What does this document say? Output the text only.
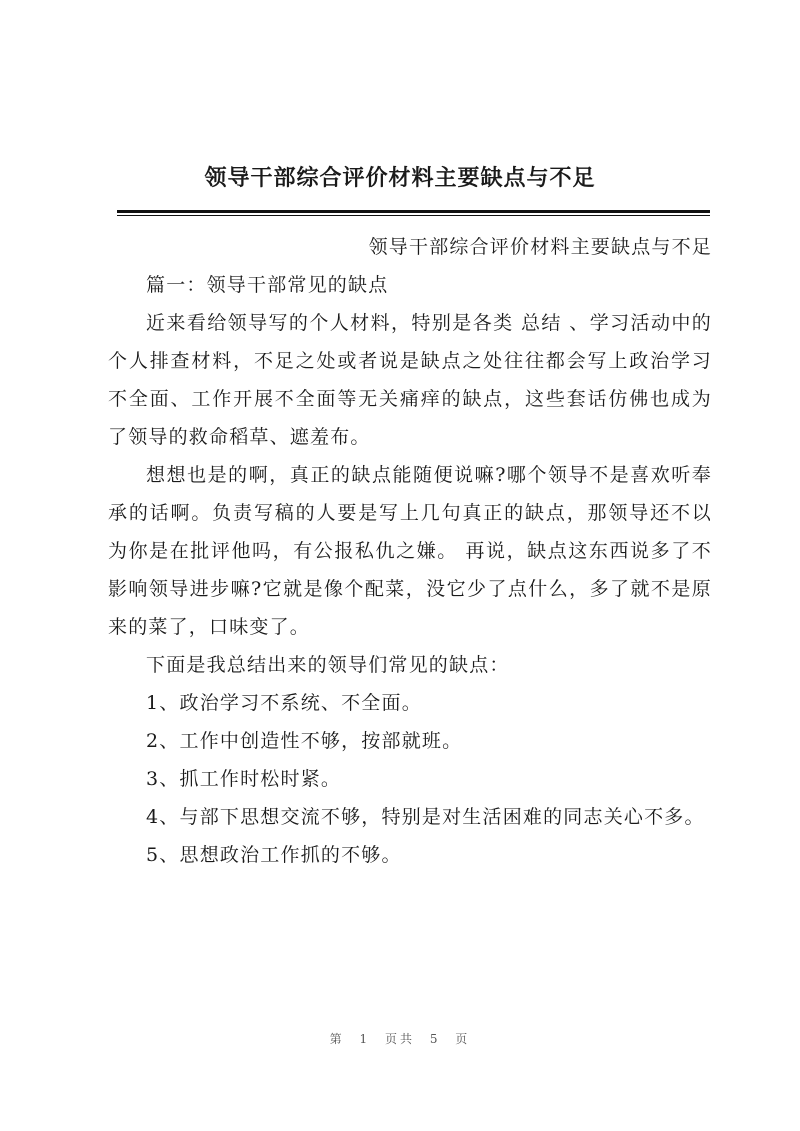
领导干部综合评价材料主要缺点与不足

领导干部综合评价材料主要缺点与不足

篇一：领导干部常见的缺点

近来看给领导写的个人材料，特别是各类 总结 、学习活动中的个人排查材料，不足之处或者说是缺点之处往往都会写上政治学习不全面、工作开展不全面等无关痛痒的缺点，这些套话仿佛也成为了领导的救命稻草、遮羞布。

想想也是的啊，真正的缺点能随便说嘛?哪个领导不是喜欢听奉承的话啊。负责写稿的人要是写上几句真正的缺点，那领导还不以为你是在批评他吗，有公报私仇之嫌。 再说，缺点这东西说多了不影响领导进步嘛?它就是像个配菜，没它少了点什么，多了就不是原来的菜了，口味变了。

下面是我总结出来的领导们常见的缺点：

1、政治学习不系统、不全面。

2、工作中创造性不够，按部就班。

3、抓工作时松时紧。

4、与部下思想交流不够，特别是对生活困难的同志关心不多。

5、思想政治工作抓的不够。

第 1 页共 5 页
